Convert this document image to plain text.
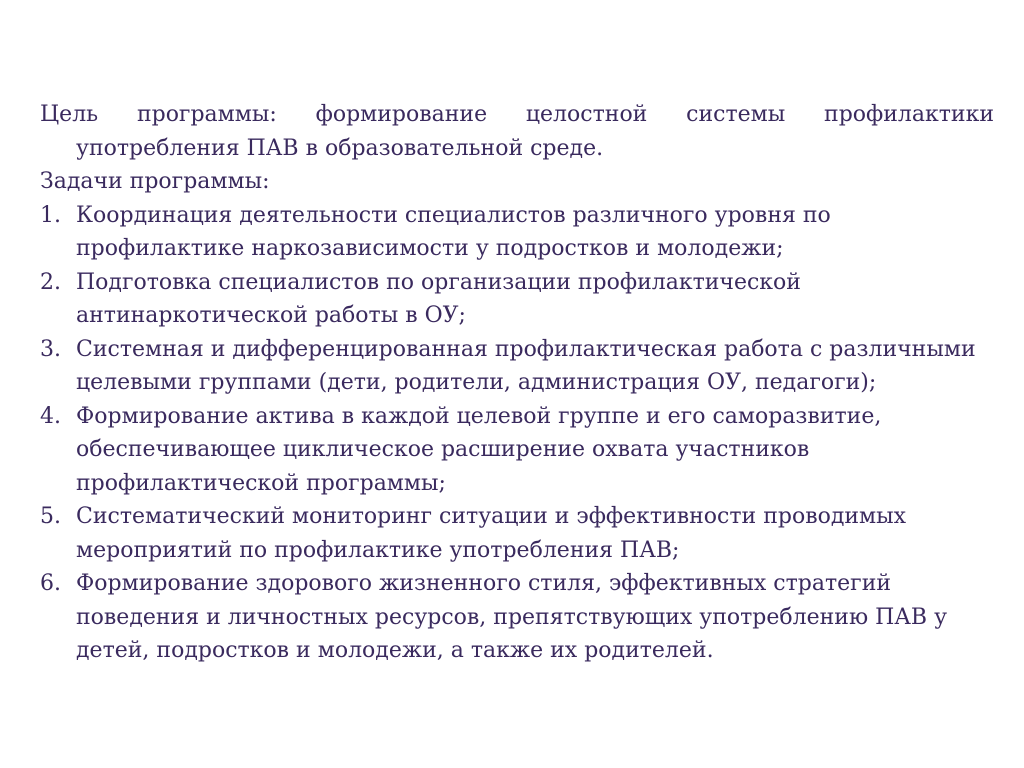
Цель программы: формирование целостной системы профилактики употребления ПАВ в образовательной среде.

Задачи программы:

1. Координация деятельности специалистов различного уровня по профилактике наркозависимости у подростков и молодежи;
2. Подготовка специалистов по организации профилактической антинаркотической работы в ОУ;
3. Системная и дифференцированная профилактическая работа с различными целевыми группами (дети, родители, администрация ОУ, педагоги);
4. Формирование актива в каждой целевой группе и его саморазвитие, обеспечивающее циклическое расширение охвата участников профилактической программы;
5. Систематический мониторинг ситуации и эффективности проводимых мероприятий по профилактике употребления ПАВ;
6. Формирование здорового жизненного стиля, эффективных стратегий поведения и личностных ресурсов, препятствующих употреблению ПАВ у детей, подростков и молодежи, а также их родителей.
